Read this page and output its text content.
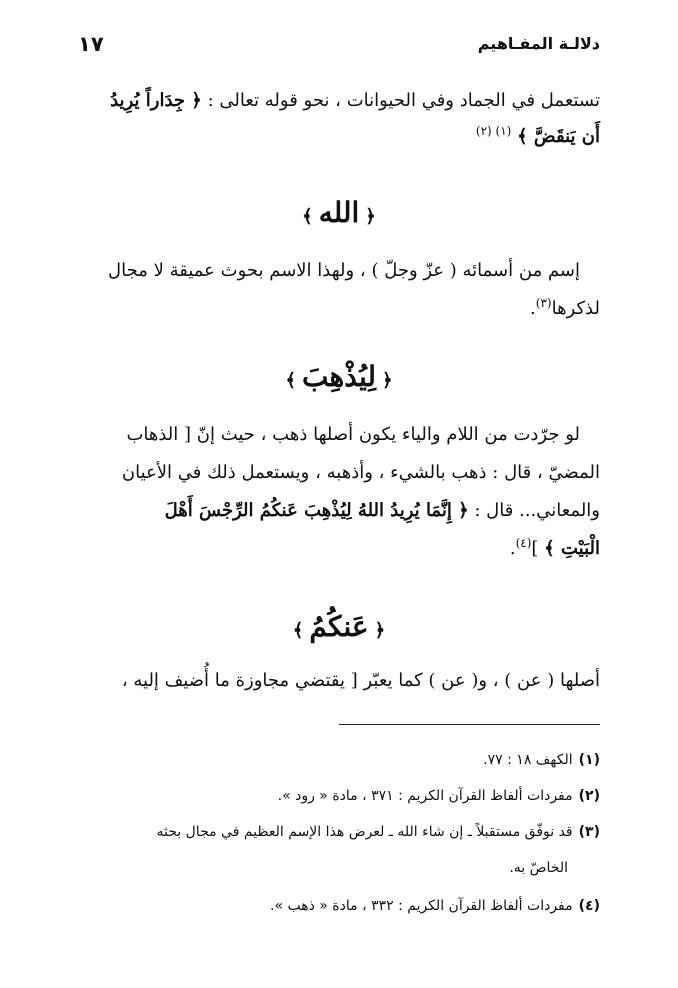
١٧	دلالـة المفـاهيم
تستعمل في الجماد وفي الحيوانات ، نحو قوله تعالى : ﴿ جِدَاراً يُرِيدُ
أَن يَنقَضَّ ﴾ $^{(١) (٢)}$
﴿الله﴾
إسم من أسمائه ( عزّ وجلّ ) ، ولهذا الاسم بحوث عميقة لا مجال
لذكرها$^{(٣)}$.
﴿لِيُذْهِبَ﴾
لو جرّدت من اللام والياء يكون أصلها ذهب ، حيث إنّ [ الذهاب
المضيّ ، قال : ذهب بالشيء ، وأذهبه ، ويستعمل ذلك في الأعيان
والمعاني... قال : ﴿ إِنَّمَا يُرِيدُ اللهُ لِيُذْهِبَ عَنكُمُ الرِّجْسَ أَهْلَ
الْبَيْتِ ﴾ ]$^{(٤)}$.
﴿عَنكُمُ﴾
أصلها ( عن ) ، و( عن ) كما يعبّر [ يقتضي مجاوزة ما أُضيف إليه ،
(١)الكهف ١٨ : ٧٧.
(٢)مفردات ألفاظ القرآن الكريم : ٣٧١ ، مادة « رود ».
(٣)قد نوفّق مستقبلاً ـ إن شاء الله ـ لعرض هذا الإسم العظيم في مجال بحثه
الخاصّ به.
(٤)مفردات ألفاظ القرآن الكريم : ٣٣٢ ، مادة « ذهب ».
